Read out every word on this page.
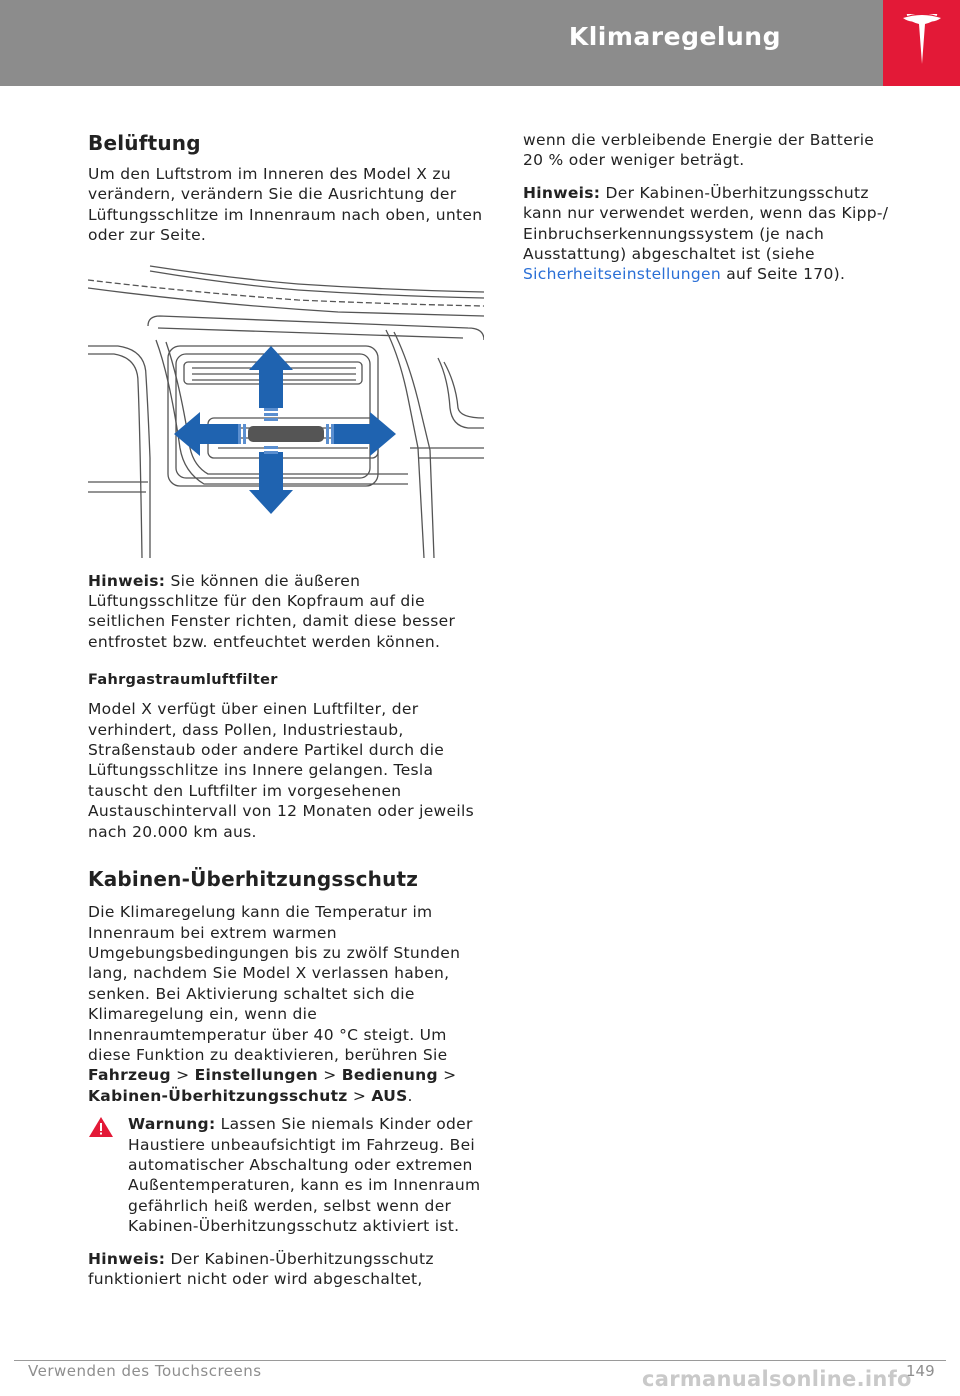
Klimaregelung
Belüftung

Um den Luftstrom im Inneren des Model X zu verändern, verändern Sie die Ausrichtung der Lüftungsschlitze im Innenraum nach oben, unten oder zur Seite.

Hinweis: Sie können die äußeren Lüftungsschlitze für den Kopfraum auf die seitlichen Fenster richten, damit diese besser entfrostet bzw. entfeuchtet werden können.

Fahrgastraumluftfilter

Model X verfügt über einen Luftfilter, der verhindert, dass Pollen, Industriestaub, Straßenstaub oder andere Partikel durch die Lüftungsschlitze ins Innere gelangen. Tesla tauscht den Luftfilter im vorgesehenen Austauschintervall von 12 Monaten oder jeweils nach 20.000 km aus.

Kabinen-Überhitzungsschutz

Die Klimaregelung kann die Temperatur im Innenraum bei extrem warmen Umgebungsbedingungen bis zu zwölf Stunden lang, nachdem Sie Model X verlassen haben, senken. Bei Aktivierung schaltet sich die Klimaregelung ein, wenn die Innenraumtemperatur über 40 °C steigt. Um diese Funktion zu deaktivieren, berühren Sie Fahrzeug > Einstellungen > Bedienung > Kabinen-Überhitzungsschutz > AUS.

Warnung: Lassen Sie niemals Kinder oder Haustiere unbeaufsichtigt im Fahrzeug. Bei automatischer Abschaltung oder extremen Außentemperaturen, kann es im Innenraum gefährlich heiß werden, selbst wenn der Kabinen-Überhitzungsschutz aktiviert ist.

Hinweis: Der Kabinen-Überhitzungsschutz funktioniert nicht oder wird abgeschaltet,

wenn die verbleibende Energie der Batterie 20 % oder weniger beträgt.

Hinweis: Der Kabinen-Überhitzungsschutz kann nur verwendet werden, wenn das Kipp-/ Einbruchserkennungssystem (je nach Ausstattung) abgeschaltet ist (siehe Sicherheitseinstellungen auf Seite 170).

Verwenden des Touchscreens	carmanualsonline.info
149
